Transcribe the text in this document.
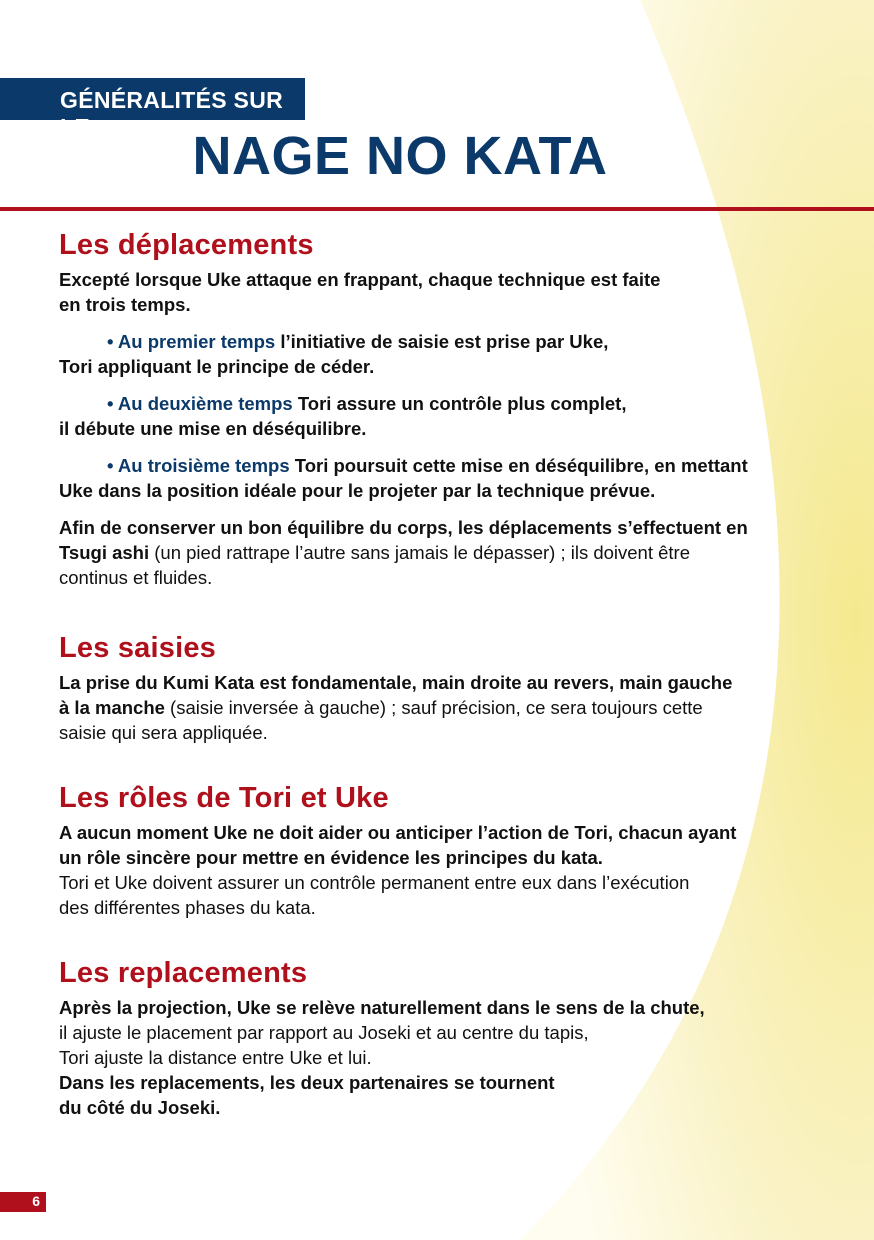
GÉNÉRALITÉS SUR LE	NAGE NO KATA
Les déplacements

Excepté lorsque Uke attaque en frappant, chaque technique est faite
en trois temps.

• Au premier temps l’initiative de saisie est prise par Uke,
Tori appliquant le principe de céder.

• Au deuxième temps Tori assure un contrôle plus complet,
il débute une mise en déséquilibre.

• Au troisième temps Tori poursuit cette mise en déséquilibre, en mettant
Uke dans la position idéale pour le projeter par la technique prévue.

Afin de conserver un bon équilibre du corps, les déplacements s’effectuent en
Tsugi ashi (un pied rattrape l’autre sans jamais le dépasser) ; ils doivent être
continus et fluides.

Les saisies

La prise du Kumi Kata est fondamentale, main droite au revers, main gauche
à la manche (saisie inversée à gauche) ; sauf précision, ce sera toujours cette
saisie qui sera appliquée.

Les rôles de Tori et Uke

A aucun moment Uke ne doit aider ou anticiper l’action de Tori, chacun ayant
un rôle sincère pour mettre en évidence les principes du kata.
Tori et Uke doivent assurer un contrôle permanent entre eux dans l’exécution
des différentes phases du kata.

Les replacements

Après la projection, Uke se relève naturellement dans le sens de la chute,
il ajuste le placement par rapport au Joseki et au centre du tapis,
Tori ajuste la distance entre Uke et lui.
Dans les replacements, les deux partenaires se tournent
du côté du Joseki.

6
